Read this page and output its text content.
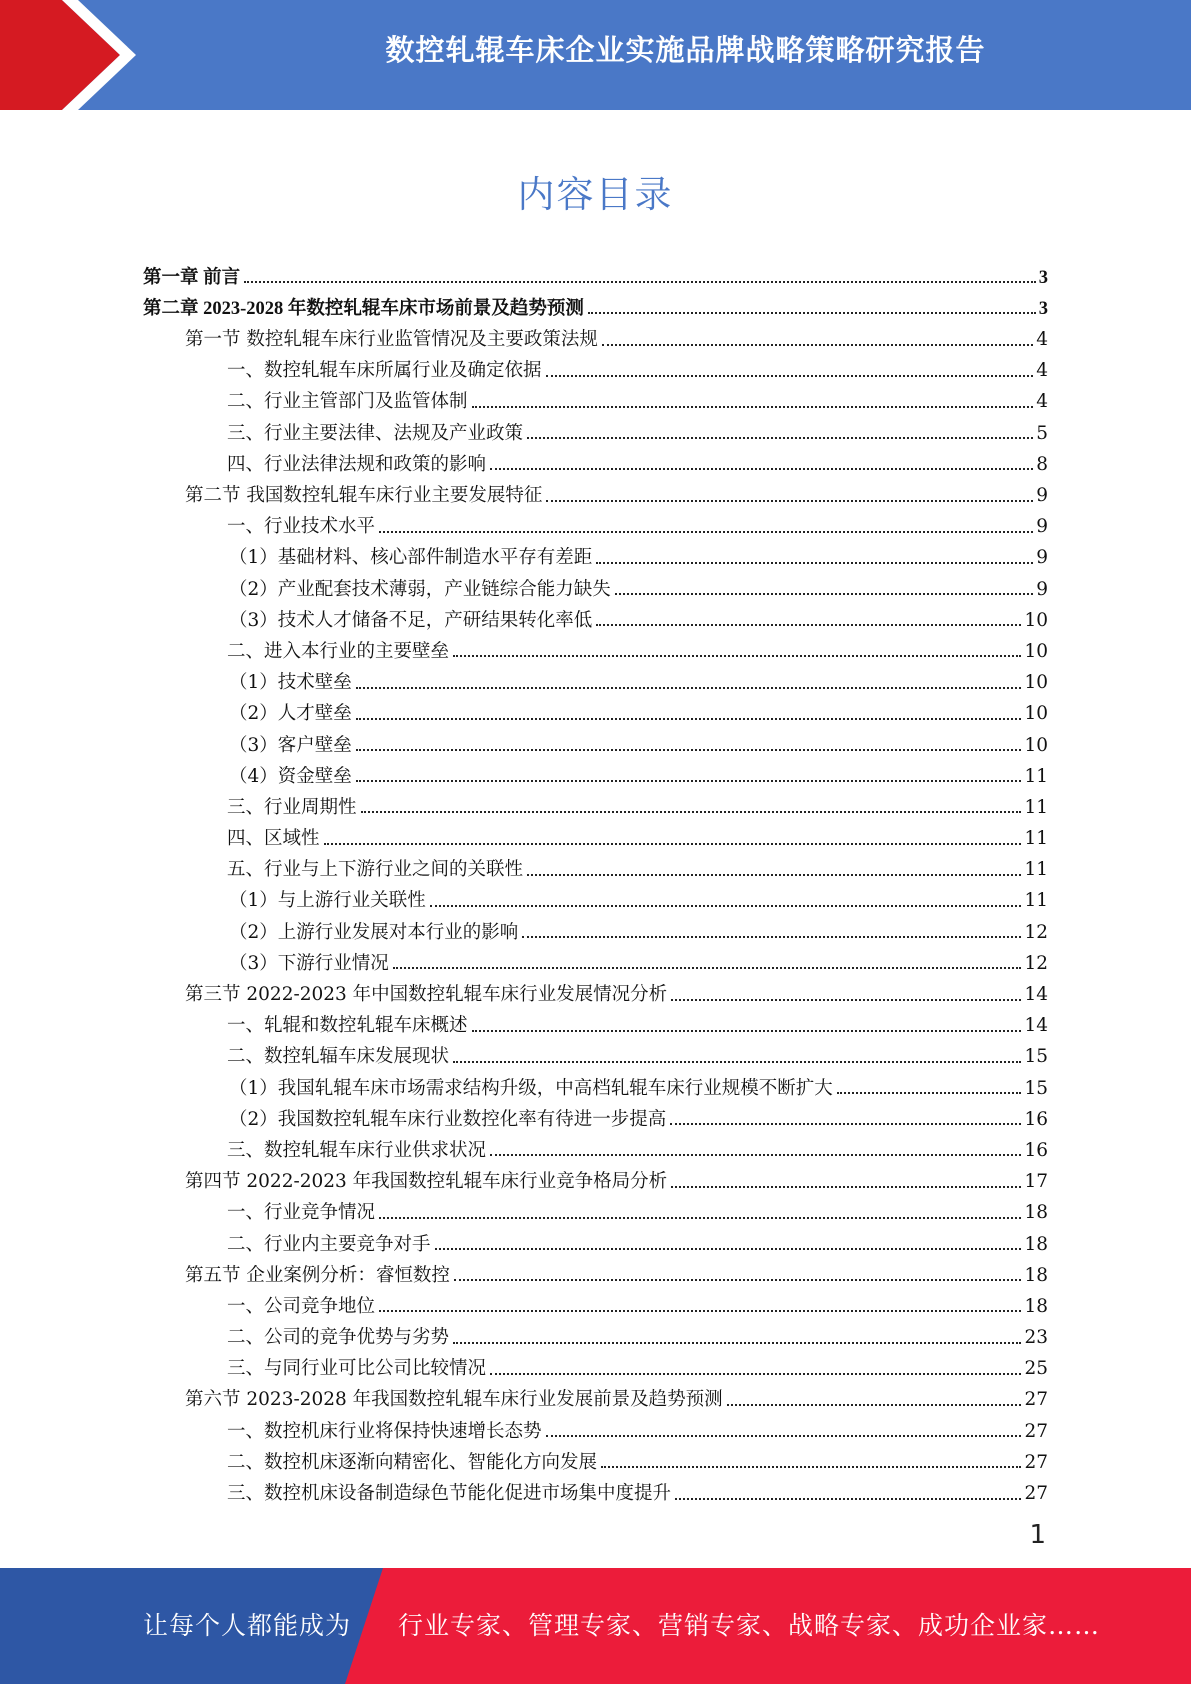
数控轧辊车床企业实施品牌战略策略研究报告
内容目录
第一章 前言	3
第二章 2023-2028 年数控轧辊车床市场前景及趋势预测	3
第一节 数控轧辊车床行业监管情况及主要政策法规	4
一、数控轧辊车床所属行业及确定依据	4
二、行业主管部门及监管体制	4
三、行业主要法律、法规及产业政策	5
四、行业法律法规和政策的影响	8
第二节 我国数控轧辊车床行业主要发展特征	9
一、行业技术水平	9
（1）基础材料、核心部件制造水平存有差距	9
（2）产业配套技术薄弱，产业链综合能力缺失	9
（3）技术人才储备不足，产研结果转化率低	10
二、进入本行业的主要壁垒	10
（1）技术壁垒	10
（2）人才壁垒	10
（3）客户壁垒	10
（4）资金壁垒	11
三、行业周期性	11
四、区域性	11
五、行业与上下游行业之间的关联性	11
（1）与上游行业关联性	11
（2）上游行业发展对本行业的影响	12
（3）下游行业情况	12
第三节 2022-2023 年中国数控轧辊车床行业发展情况分析	14
一、轧辊和数控轧辊车床概述	14
二、数控轧辐车床发展现状	15
（1）我国轧辊车床市场需求结构升级，中高档轧辊车床行业规模不断扩大	15
（2）我国数控轧辊车床行业数控化率有待进一步提高	16
三、数控轧辊车床行业供求状况	16
第四节 2022-2023 年我国数控轧辊车床行业竞争格局分析	17
一、行业竞争情况	18
二、行业内主要竞争对手	18
第五节 企业案例分析：睿恒数控	18
一、公司竞争地位	18
二、公司的竞争优势与劣势	23
三、与同行业可比公司比较情况	25
第六节 2023-2028 年我国数控轧辊车床行业发展前景及趋势预测	27
一、数控机床行业将保持快速增长态势	27
二、数控机床逐渐向精密化、智能化方向发展	27
三、数控机床设备制造绿色节能化促进市场集中度提升	27
1
让每个人都能成为 行业专家、管理专家、营销专家、战略专家、成功企业家……
